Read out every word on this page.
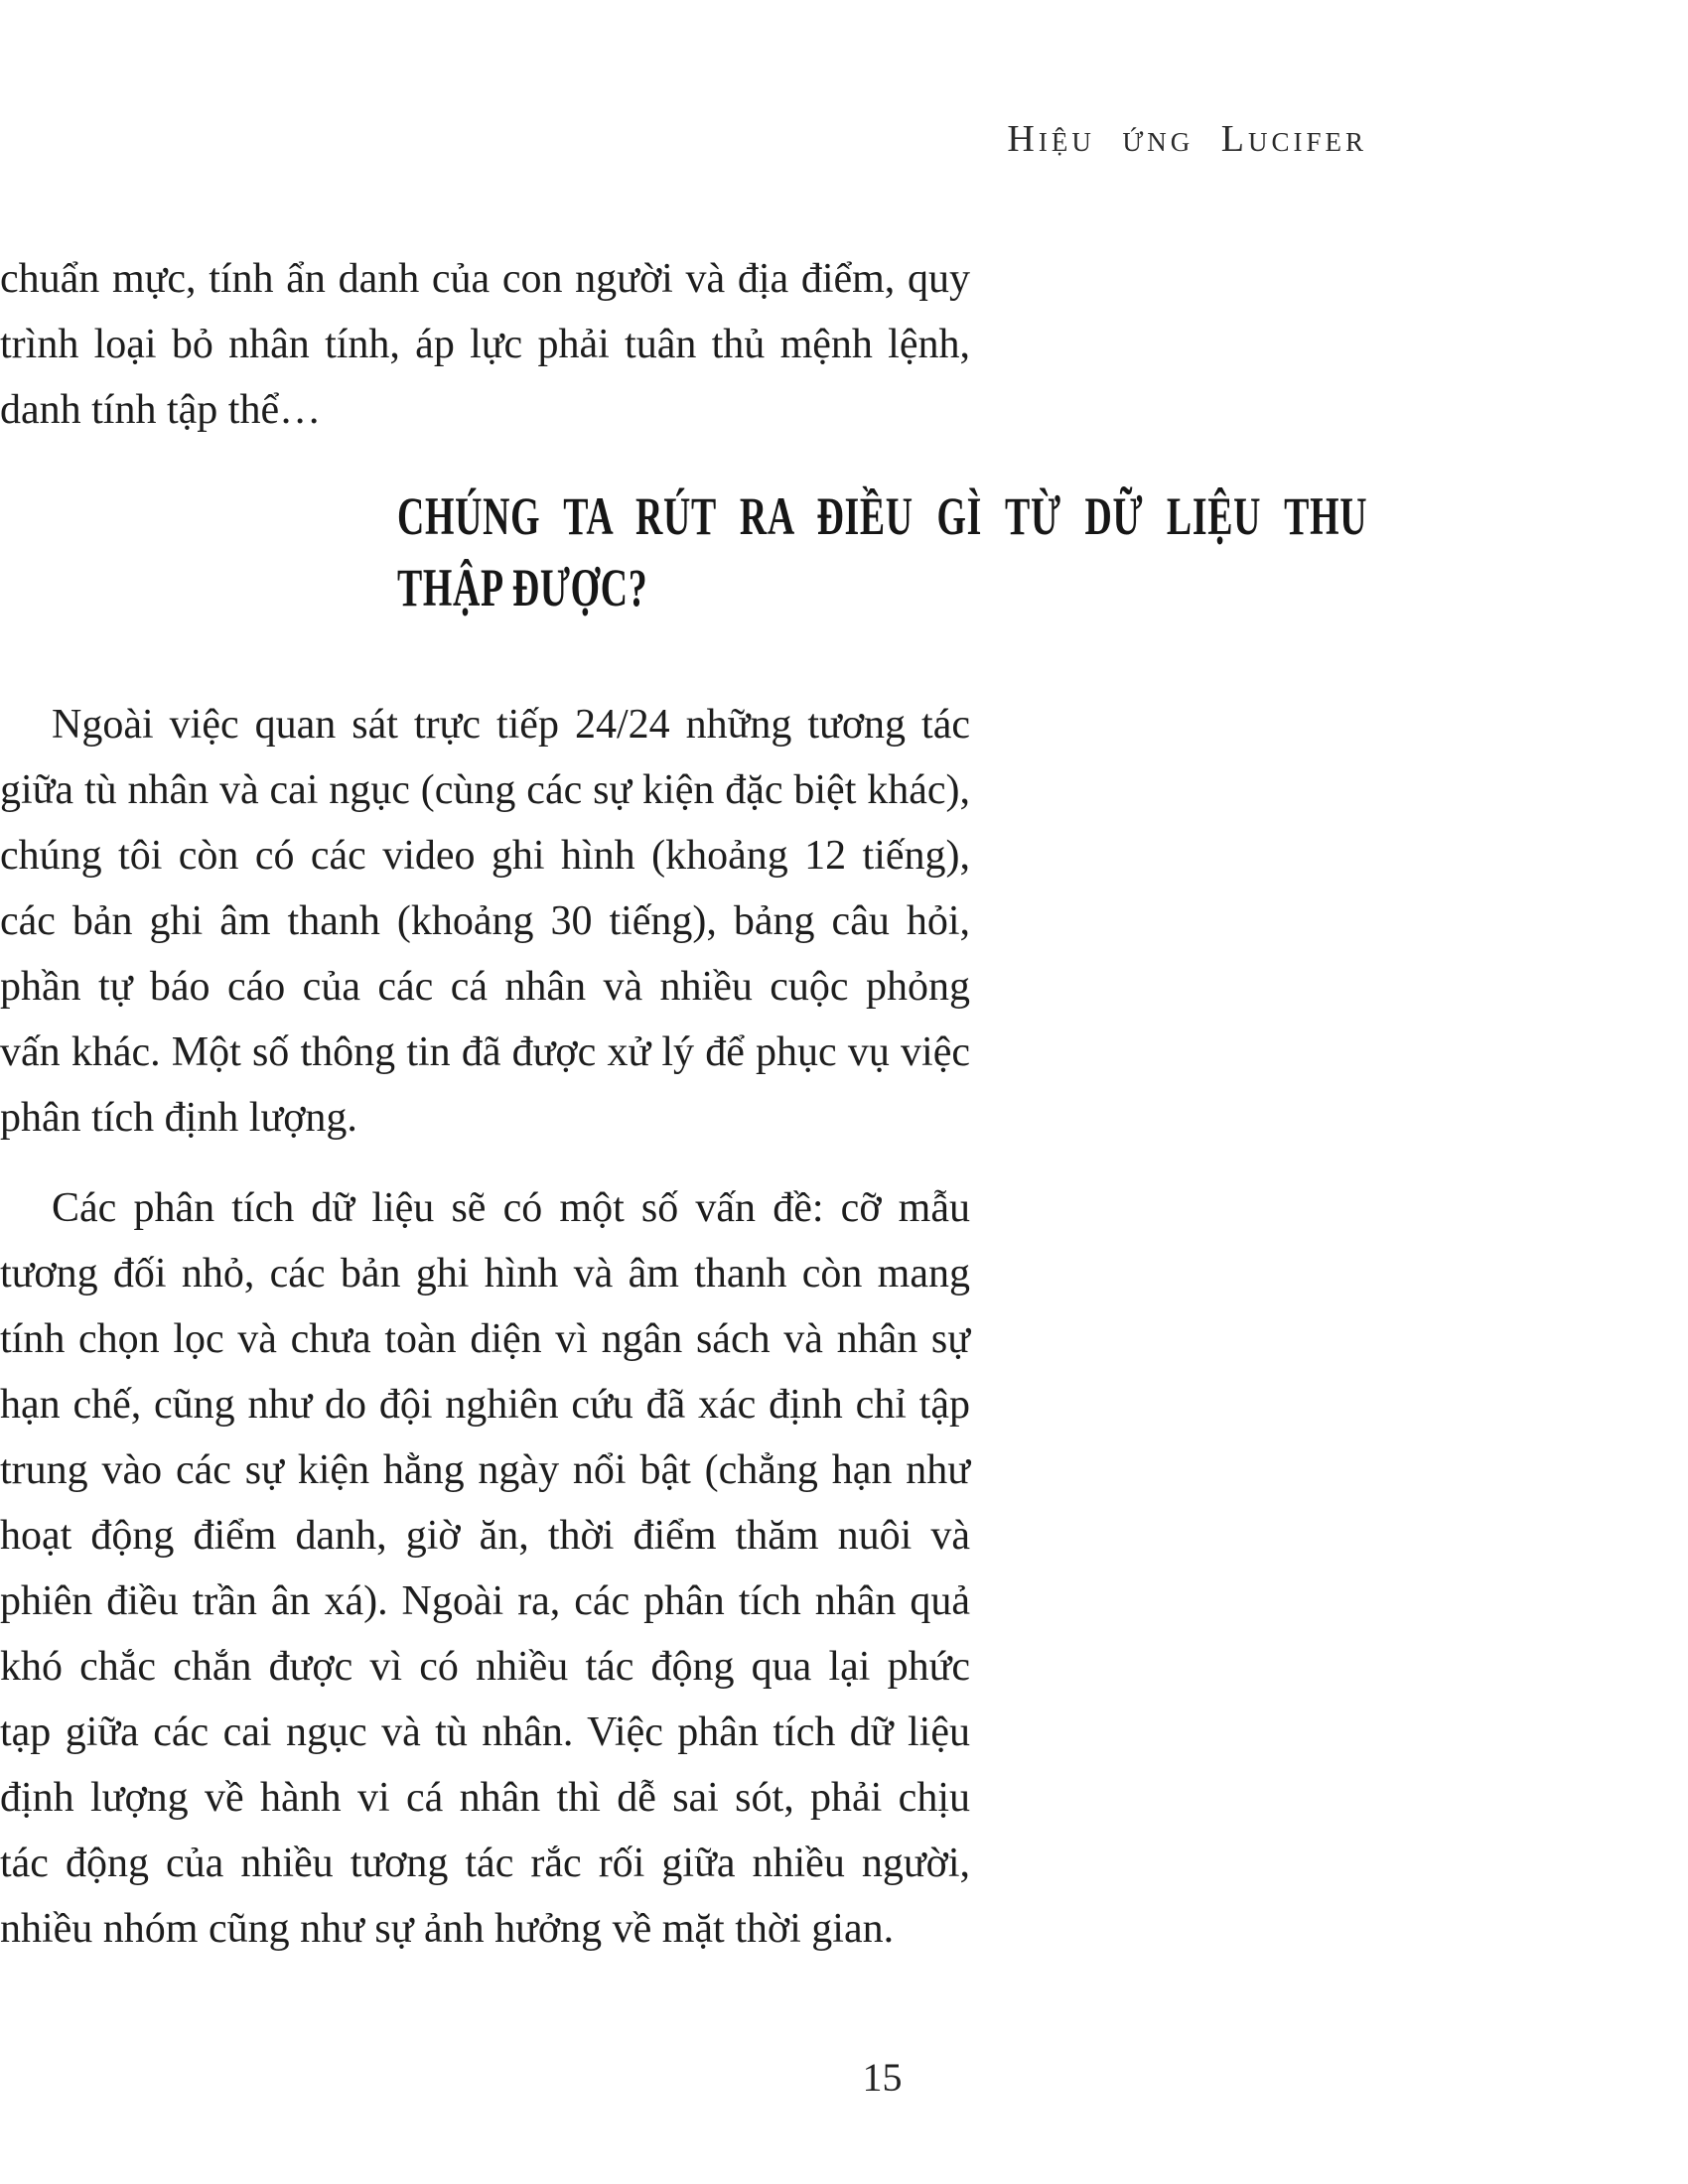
Hiệu ứng Lucifer
chuẩn mực, tính ẩn danh của con người và địa điểm, quy
trình loại bỏ nhân tính, áp lực phải tuân thủ mệnh lệnh,
danh tính tập thể…
CHÚNG TA RÚT RA ĐIỀU GÌ TỪ DỮ LIỆU THU
THẬP ĐƯỢC?
Ngoài việc quan sát trực tiếp 24/24 những tương tác
giữa tù nhân và cai ngục (cùng các sự kiện đặc biệt khác),
chúng tôi còn có các video ghi hình (khoảng 12 tiếng),
các bản ghi âm thanh (khoảng 30 tiếng), bảng câu hỏi,
phần tự báo cáo của các cá nhân và nhiều cuộc phỏng
vấn khác. Một số thông tin đã được xử lý để phục vụ việc
phân tích định lượng.
Các phân tích dữ liệu sẽ có một số vấn đề: cỡ mẫu
tương đối nhỏ, các bản ghi hình và âm thanh còn mang
tính chọn lọc và chưa toàn diện vì ngân sách và nhân sự
hạn chế, cũng như do đội nghiên cứu đã xác định chỉ tập
trung vào các sự kiện hằng ngày nổi bật (chẳng hạn như
hoạt động điểm danh, giờ ăn, thời điểm thăm nuôi và
phiên điều trần ân xá). Ngoài ra, các phân tích nhân quả
khó chắc chắn được vì có nhiều tác động qua lại phức
tạp giữa các cai ngục và tù nhân. Việc phân tích dữ liệu
định lượng về hành vi cá nhân thì dễ sai sót, phải chịu
tác động của nhiều tương tác rắc rối giữa nhiều người,
nhiều nhóm cũng như sự ảnh hưởng về mặt thời gian.
15
